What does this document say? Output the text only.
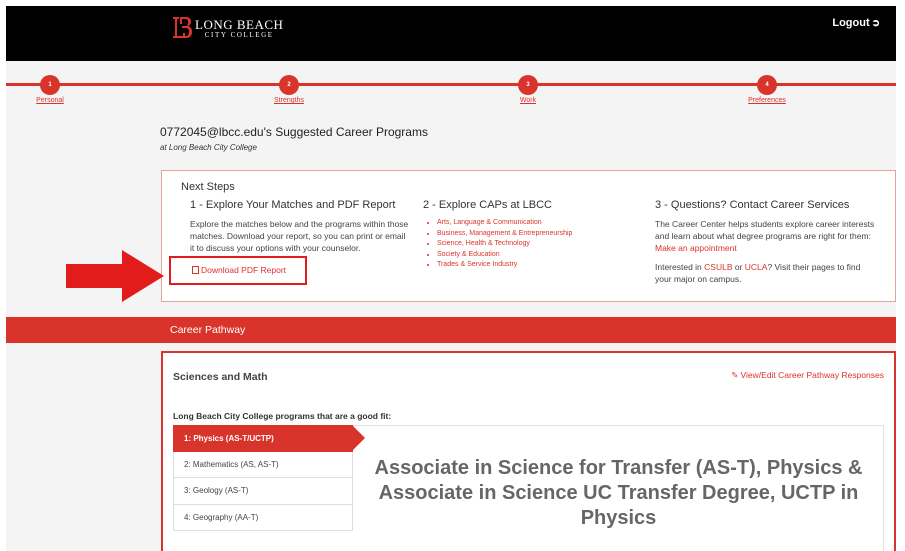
LONG BEACH
CITY COLLEGE
Logout ➲
1
Personal
2
Strengths
3
Work
4
Preferences
0772045@lbcc.edu's Suggested Career Programs
at Long Beach City College
Next Steps
1 - Explore Your Matches and PDF Report

Explore the matches below and the programs within those matches. Download your report, so you can print or email it to discuss your options with your counselor.

Download PDF Report
2 - Explore CAPs at LBCC
• Arts, Language & Communication
• Business, Management & Entrepreneurship
• Science, Health & Technology
• Society & Education
• Trades & Service Industry
3 - Questions? Contact Career Services

The Career Center helps students explore career interests and learn about what degree programs are right for them: Make an appointment

Interested in CSULB or UCLA? Visit their pages to find your major on campus.

Career Pathway
Sciences and Math	✎ View/Edit Career Pathway Responses
Long Beach City College programs that are a good fit:
1: Physics (AS-T/UCTP)
2: Mathematics (AS, AS-T)
3: Geology (AS-T)
4: Geography (AA-T)
Associate in Science for Transfer (AS-T), Physics & Associate in Science UC Transfer Degree, UCTP in Physics
